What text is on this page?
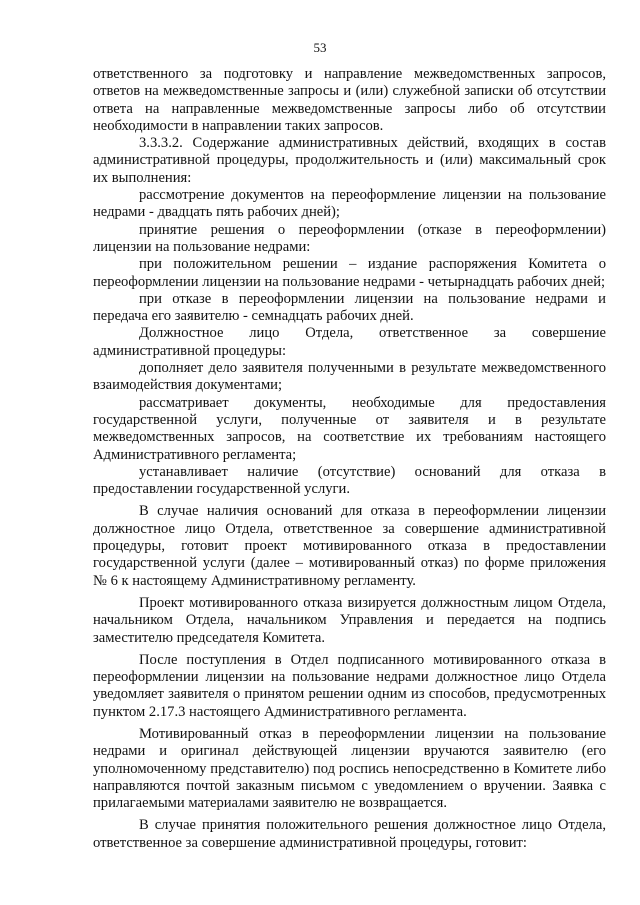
53

ответственного за подготовку и направление межведомственных запросов, ответов на межведомственные запросы и (или) служебной записки об отсутствии ответа на направленные межведомственные запросы либо об отсутствии необходимости в направлении таких запросов.

3.3.3.2. Содержание административных действий, входящих в состав административной процедуры, продолжительность и (или) максимальный срок их выполнения:

рассмотрение документов на переоформление лицензии на пользование недрами - двадцать пять рабочих дней);

принятие решения о переоформлении (отказе в переоформлении) лицензии на пользование недрами:

при положительном решении – издание распоряжения Комитета о переоформлении лицензии на пользование недрами - четырнадцать рабочих дней;

при отказе в переоформлении лицензии на пользование недрами и передача его заявителю - семнадцать рабочих дней.

Должностное лицо Отдела, ответственное за совершение административной процедуры:

дополняет дело заявителя полученными в результате межведомственного взаимодействия документами;

рассматривает документы, необходимые для предоставления государственной услуги, полученные от заявителя и в результате межведомственных запросов, на соответствие их требованиям настоящего Административного регламента;

устанавливает наличие (отсутствие) оснований для отказа в предоставлении государственной услуги.

В случае наличия оснований для отказа в переоформлении лицензии должностное лицо Отдела, ответственное за совершение административной процедуры, готовит проект мотивированного отказа в предоставлении государственной услуги (далее – мотивированный отказ) по форме приложения № 6 к настоящему Административному регламенту.

Проект мотивированного отказа визируется должностным лицом Отдела, начальником Отдела, начальником Управления и передается на подпись заместителю председателя Комитета.

После поступления в Отдел подписанного мотивированного отказа в переоформлении лицензии на пользование недрами должностное лицо Отдела уведомляет заявителя о принятом решении одним из способов, предусмотренных пунктом 2.17.3 настоящего Административного регламента.

Мотивированный отказ в переоформлении лицензии на пользование недрами и оригинал действующей лицензии вручаются заявителю (его уполномоченному представителю) под роспись непосредственно в Комитете либо направляются почтой заказным письмом с уведомлением о вручении. Заявка с прилагаемыми материалами заявителю не возвращается.

В случае принятия положительного решения должностное лицо Отдела, ответственное за совершение административной процедуры, готовит:
